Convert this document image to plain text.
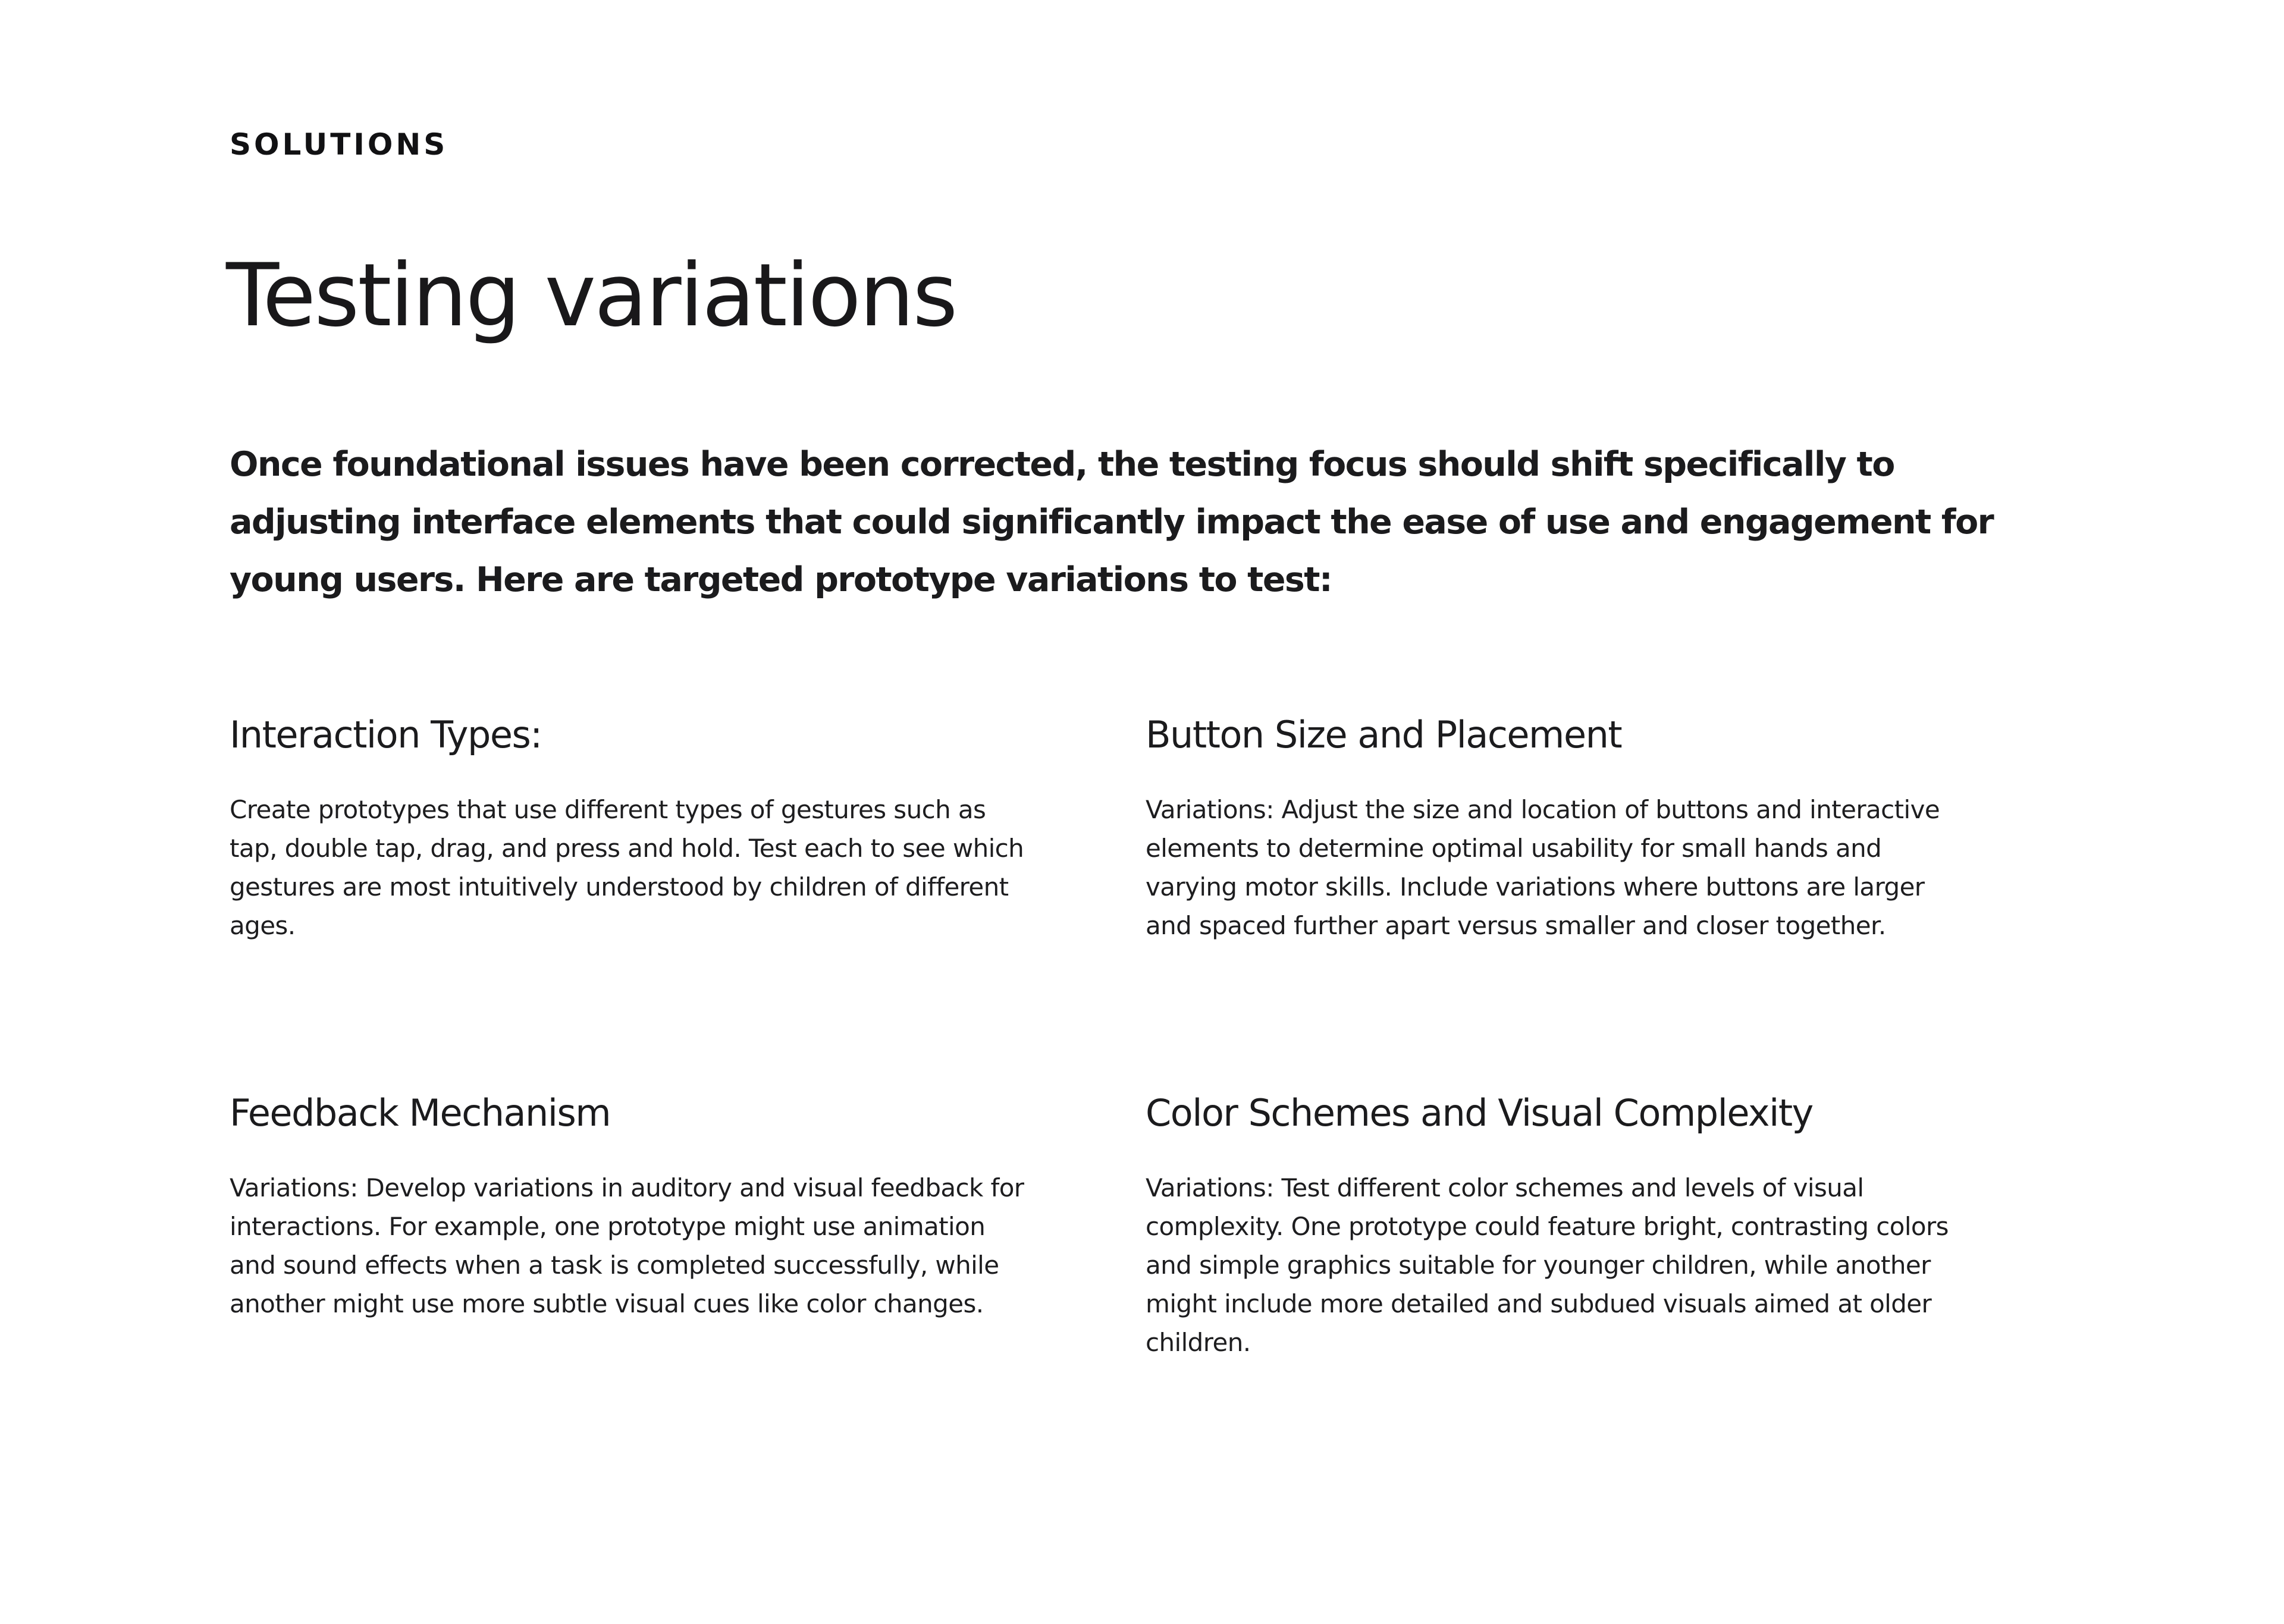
SOLUTIONS
Testing variations

Once foundational issues have been corrected, the testing focus should shift specifically to adjusting interface elements that could significantly impact the ease of use and engagement for young users. Here are targeted prototype variations to test:

Interaction Types:

Create prototypes that use different types of gestures such as tap, double tap, drag, and press and hold. Test each to see which gestures are most intuitively understood by children of different ages.

Button Size and Placement

Variations: Adjust the size and location of buttons and interactive elements to determine optimal usability for small hands and varying motor skills. Include variations where buttons are larger and spaced further apart versus smaller and closer together.

Feedback Mechanism

Variations: Develop variations in auditory and visual feedback for interactions. For example, one prototype might use animation and sound effects when a task is completed successfully, while another might use more subtle visual cues like color changes.

Color Schemes and Visual Complexity

Variations: Test different color schemes and levels of visual complexity. One prototype could feature bright, contrasting colors and simple graphics suitable for younger children, while another might include more detailed and subdued visuals aimed at older children.
